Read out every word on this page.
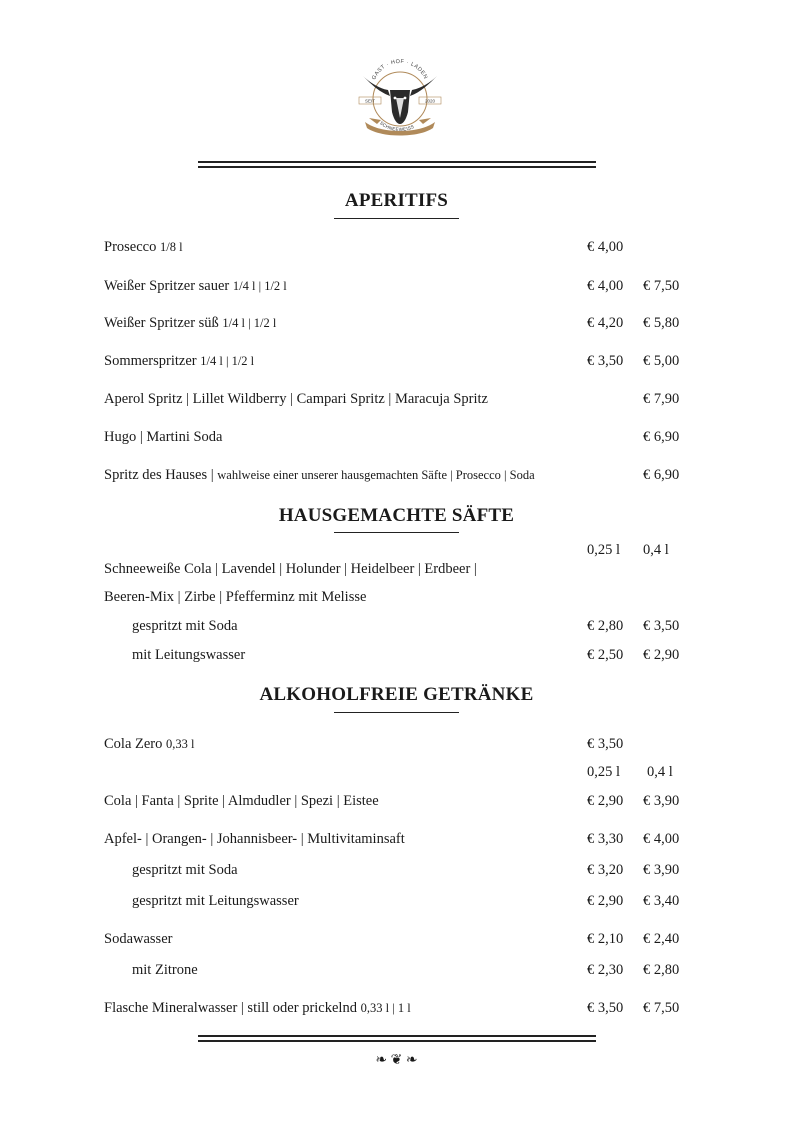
GAST · HOF · LADEN
SEIT	2020
SCHNEEWEISS
APERITIFS
Prosecco 1/8 l	€ 4,00
Weißer Spritzer sauer 1/4 l | 1/2 l	€ 4,00 € 7,50
Weißer Spritzer süß 1/4 l | 1/2 l	€ 4,20 € 5,80
Sommerspritzer 1/4 l | 1/2 l	€ 3,50 € 5,00
Aperol Spritz | Lillet Wildberry | Campari Spritz | Maracuja Spritz	€ 7,90
Hugo | Martini Soda	€ 6,90
Spritz des Hauses | wahlweise einer unserer hausgemachten Säfte | Prosecco | Soda	€ 6,90
HAUSGEMACHTE SÄFTE
0,25 l 0,4 l
Schneeweiße Cola | Lavendel | Holunder | Heidelbeer | Erdbeer |
Beeren-Mix | Zirbe | Pfefferminz mit Melisse
gespritzt mit Soda	€ 2,80 € 3,50
mit Leitungswasser	€ 2,50 € 2,90
ALKOHOLFREIE GETRÄNKE
Cola Zero 0,33 l	€ 3,50
0,25 l 0,4 l
Cola | Fanta | Sprite | Almdudler | Spezi | Eistee	€ 2,90 € 3,90
Apfel- | Orangen- | Johannisbeer- | Multivitaminsaft	€ 3,30 € 4,00
gespritzt mit Soda	€ 3,20 € 3,90
gespritzt mit Leitungswasser	€ 2,90 € 3,40
Sodawasser	€ 2,10 € 2,40
mit Zitrone	€ 2,30 € 2,80
Flasche Mineralwasser | still oder prickelnd 0,33 l | 1 l	€ 3,50 € 7,50
❧ ❦ ❧
